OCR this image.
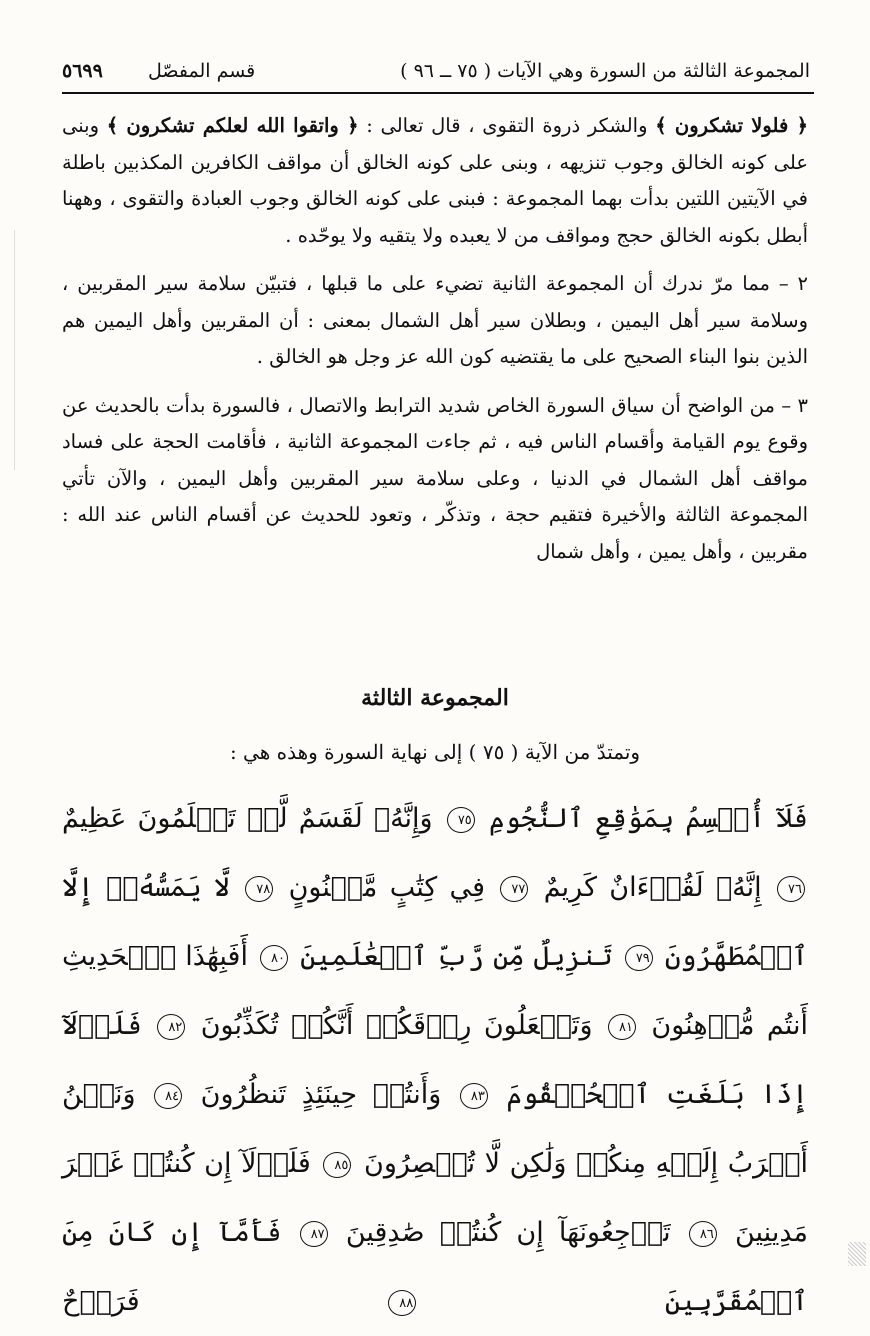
المجموعة الثالثة من السورة وهي الآيات ( ٧٥ ــ ٩٦ )
قسم المفصّل
٥٦٩٩

﴿ فلولا تشكرون ﴾ والشكر ذروة التقوى ، قال تعالى : ﴿ واتقوا الله لعلكم تشكرون ﴾ وبنى على كونه الخالق وجوب تنزيهه ، وبنى على كونه الخالق أن مواقف الكافرين المكذبين باطلة في الآيتين اللتين بدأت بهما المجموعة : فبنى على كونه الخالق وجوب العبادة والتقوى ، وههنا أبطل بكونه الخالق حجج ومواقف من لا يعبده ولا يتقيه ولا يوحّده .

٢ – مما مرّ ندرك أن المجموعة الثانية تضيء على ما قبلها ، فتبيّن سلامة سير المقربين ، وسلامة سير أهل اليمين ، وبطلان سير أهل الشمال بمعنى : أن المقربين وأهل اليمين هم الذين بنوا البناء الصحيح على ما يقتضيه كون الله عز وجل هو الخالق .

٣ – من الواضح أن سياق السورة الخاص شديد الترابط والاتصال ، فالسورة بدأت بالحديث عن وقوع يوم القيامة وأقسام الناس فيه ، ثم جاءت المجموعة الثانية ، فأقامت الحجة على فساد مواقف أهل الشمال في الدنيا ، وعلى سلامة سير المقربين وأهل اليمين ، والآن تأتي المجموعة الثالثة والأخيرة فتقيم حجة ، وتذكّر ، وتعود للحديث عن أقسام الناس عند الله : مقربين ، وأهل يمين ، وأهل شمال

المجموعة الثالثة
وتمتدّ من الآية ( ٧٥ ) إلى نهاية السورة وهذه هي :
فَلَآ أُقۡسِمُ بِمَوَٰقِعِ ٱلنُّجُومِ ٧٥ وَإِنَّهُۥ لَقَسَمٌ لَّوۡ تَعۡلَمُونَ عَظِيمٌ ٧٦ إِنَّهُۥ لَقُرۡءَانٌ كَرِيمٌ ٧٧ فِي كِتَٰبٍ مَّكۡنُونٍ ٧٨ لَّا يَمَسُّهُۥٓ إِلَّا ٱلۡمُطَهَّرُونَ ٧٩ تَنزِيلٌ مِّن رَّبِّ ٱلۡعَٰلَمِينَ ٨٠ أَفَبِهَٰذَا ٱلۡحَدِيثِ أَنتُم مُّدۡهِنُونَ ٨١ وَتَجۡعَلُونَ رِزۡقَكُمۡ أَنَّكُمۡ تُكَذِّبُونَ ٨٢ فَلَوۡلَآ إِذَا بَلَغَتِ ٱلۡحُلۡقُومَ ٨٣ وَأَنتُمۡ حِينَئِذٍ تَنظُرُونَ ٨٤ وَنَحۡنُ أَقۡرَبُ إِلَيۡهِ مِنكُمۡ وَلَٰكِن لَّا تُبۡصِرُونَ ٨٥ فَلَوۡلَآ إِن كُنتُمۡ غَيۡرَ مَدِينِينَ ٨٦ تَرۡجِعُونَهَآ إِن كُنتُمۡ صَٰدِقِينَ ٨٧ فَأَمَّآ إِن كَانَ مِنَ ٱلۡمُقَرَّبِينَ ٨٨ فَرَوۡحٌ
